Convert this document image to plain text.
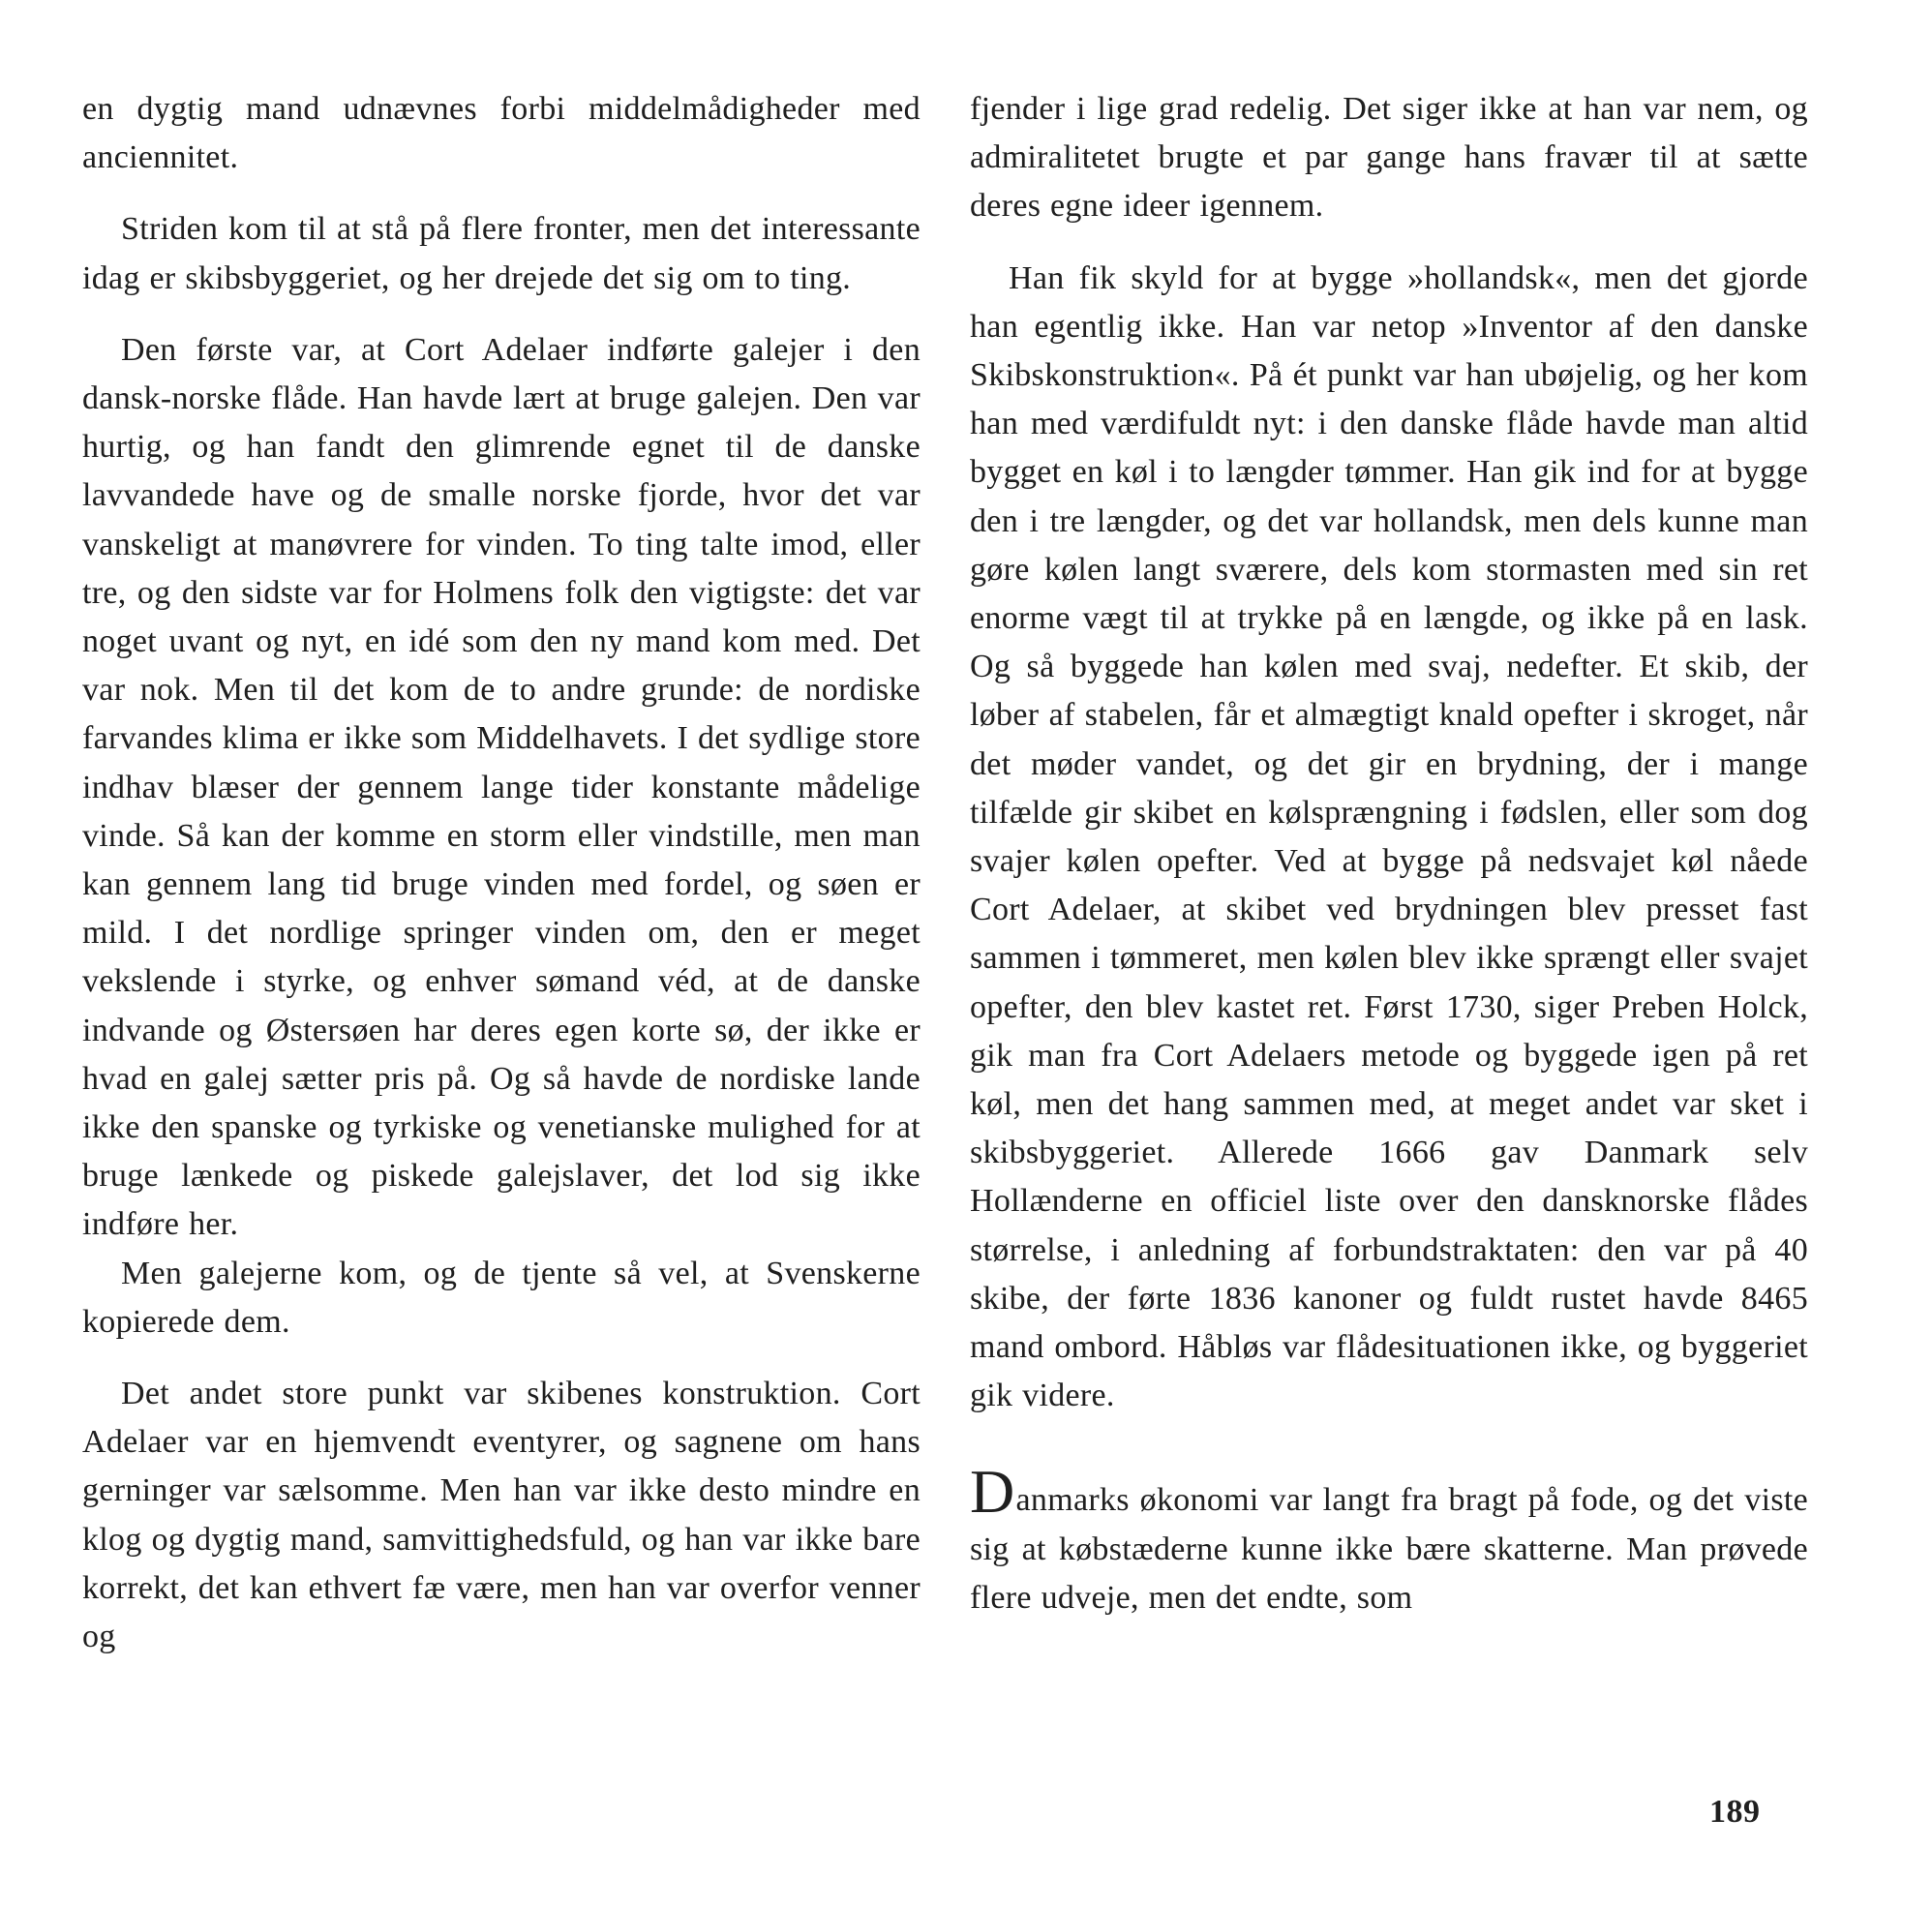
en dygtig mand udnævnes forbi middelmådigheder med anciennitet.

Striden kom til at stå på flere fronter, men det interessante idag er skibsbyggeriet, og her drejede det sig om to ting.

Den første var, at Cort Adelaer indførte galejer i den dansk-norske flåde. Han havde lært at bruge galejen. Den var hurtig, og han fandt den glimrende egnet til de danske lavvandede have og de smalle norske fjorde, hvor det var vanskeligt at manøvrere for vinden. To ting talte imod, eller tre, og den sidste var for Holmens folk den vigtigste: det var noget uvant og nyt, en idé som den ny mand kom med. Det var nok. Men til det kom de to andre grunde: de nordiske farvandes klima er ikke som Middelhavets. I det sydlige store indhav blæser der gennem lange tider konstante mådelige vinde. Så kan der komme en storm eller vindstille, men man kan gennem lang tid bruge vinden med fordel, og søen er mild. I det nordlige springer vinden om, den er meget vekslende i styrke, og enhver sømand véd, at de danske indvande og Østersøen har deres egen korte sø, der ikke er hvad en galej sætter pris på. Og så havde de nordiske lande ikke den spanske og tyrkiske og venetianske mulighed for at bruge lænkede og piskede galejslaver, det lod sig ikke indføre her.

Men galejerne kom, og de tjente så vel, at Svenskerne kopierede dem.

Det andet store punkt var skibenes konstruktion. Cort Adelaer var en hjemvendt eventyrer, og sagnene om hans gerninger var sælsomme. Men han var ikke desto mindre en klog og dygtig mand, samvittighedsfuld, og han var ikke bare korrekt, det kan ethvert fæ være, men han var overfor venner og

fjender i lige grad redelig. Det siger ikke at han var nem, og admiralitetet brugte et par gange hans fravær til at sætte deres egne ideer igennem.

Han fik skyld for at bygge »hollandsk«, men det gjorde han egentlig ikke. Han var netop »Inventor af den danske Skibskonstruktion«. På ét punkt var han ubøjelig, og her kom han med værdifuldt nyt: i den danske flåde havde man altid bygget en køl i to længder tømmer. Han gik ind for at bygge den i tre længder, og det var hollandsk, men dels kunne man gøre kølen langt sværere, dels kom stormasten med sin ret enorme vægt til at trykke på en længde, og ikke på en lask. Og så byggede han kølen med svaj, nedefter. Et skib, der løber af stabelen, får et almægtigt knald opefter i skroget, når det møder vandet, og det gir en brydning, der i mange tilfælde gir skibet en kølsprængning i fødslen, eller som dog svajer kølen opefter. Ved at bygge på nedsvajet køl nåede Cort Adelaer, at skibet ved brydningen blev presset fast sammen i tømmeret, men kølen blev ikke sprængt eller svajet opefter, den blev kastet ret. Først 1730, siger Preben Holck, gik man fra Cort Adelaers metode og byggede igen på ret køl, men det hang sammen med, at meget andet var sket i skibsbyggeriet. Allerede 1666 gav Danmark selv Hollænderne en officiel liste over den dansknorske flådes størrelse, i anledning af forbundstraktaten: den var på 40 skibe, der førte 1836 kanoner og fuldt rustet havde 8465 mand ombord. Håbløs var flådesituationen ikke, og byggeriet gik videre.

Danmarks økonomi var langt fra bragt på fode, og det viste sig at købstæderne kunne ikke bære skatterne. Man prøvede flere udveje, men det endte, som

189
